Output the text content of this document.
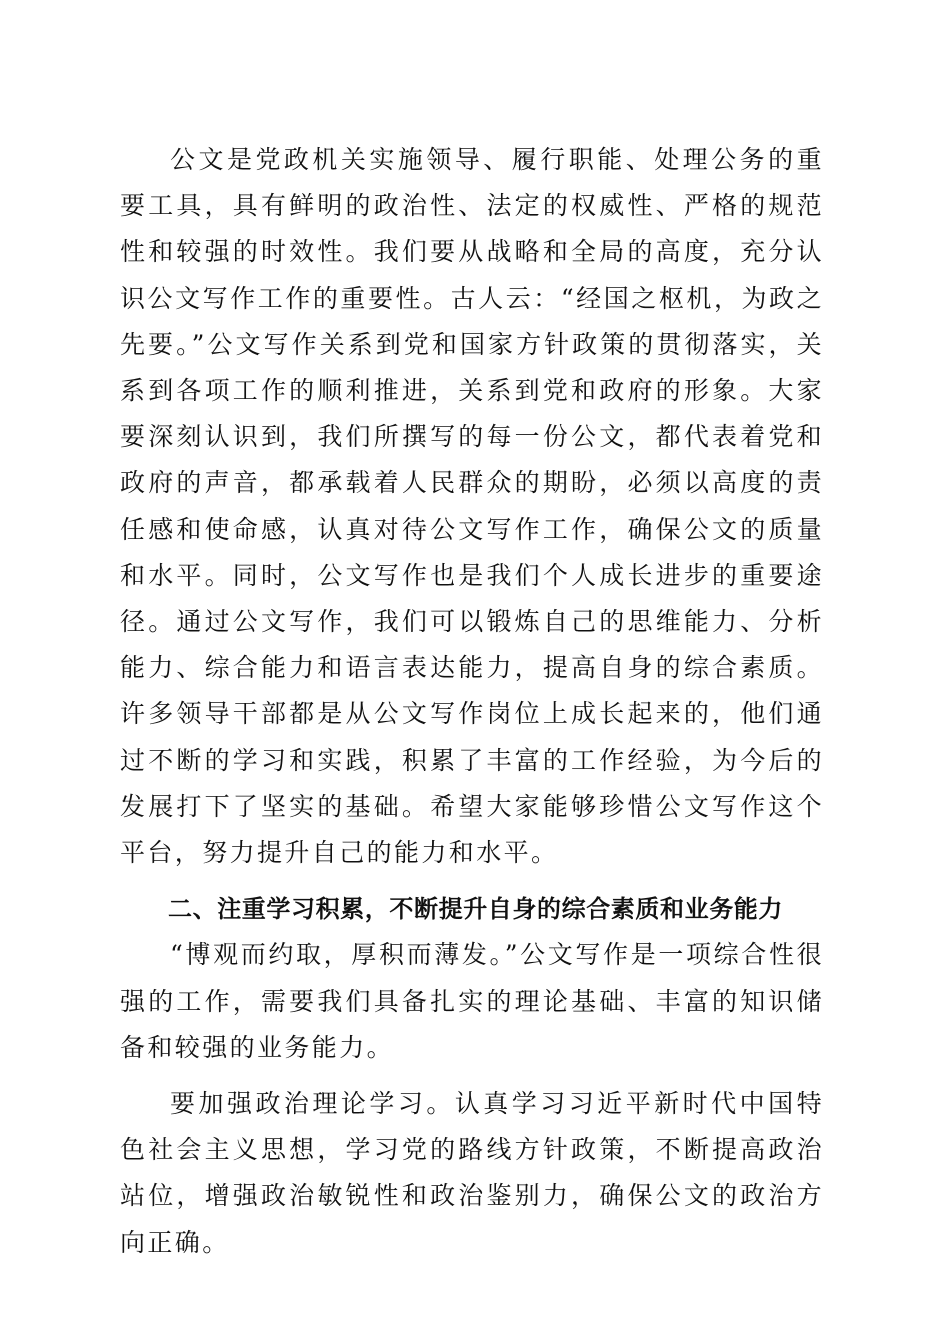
公文是党政机关实施领导、履行职能、处理公务的重要工具，具有鲜明的政治性、法定的权威性、严格的规范性和较强的时效性。我们要从战略和全局的高度，充分认识公文写作工作的重要性。古人云：“经国之枢机，为政之先要。”公文写作关系到党和国家方针政策的贯彻落实，关系到各项工作的顺利推进，关系到党和政府的形象。大家要深刻认识到，我们所撰写的每一份公文，都代表着党和政府的声音，都承载着人民群众的期盼，必须以高度的责任感和使命感，认真对待公文写作工作，确保公文的质量和水平。同时，公文写作也是我们个人成长进步的重要途径。通过公文写作，我们可以锻炼自己的思维能力、分析能力、综合能力和语言表达能力，提高自身的综合素质。许多领导干部都是从公文写作岗位上成长起来的，他们通过不断的学习和实践，积累了丰富的工作经验，为今后的发展打下了坚实的基础。希望大家能够珍惜公文写作这个平台，努力提升自己的能力和水平。

二、注重学习积累，不断提升自身的综合素质和业务能力

“博观而约取，厚积而薄发。”公文写作是一项综合性很强的工作，需要我们具备扎实的理论基础、丰富的知识储备和较强的业务能力。

要加强政治理论学习。认真学习习近平新时代中国特色社会主义思想，学习党的路线方针政策，不断提高政治站位，增强政治敏锐性和政治鉴别力，确保公文的政治方向正确。
